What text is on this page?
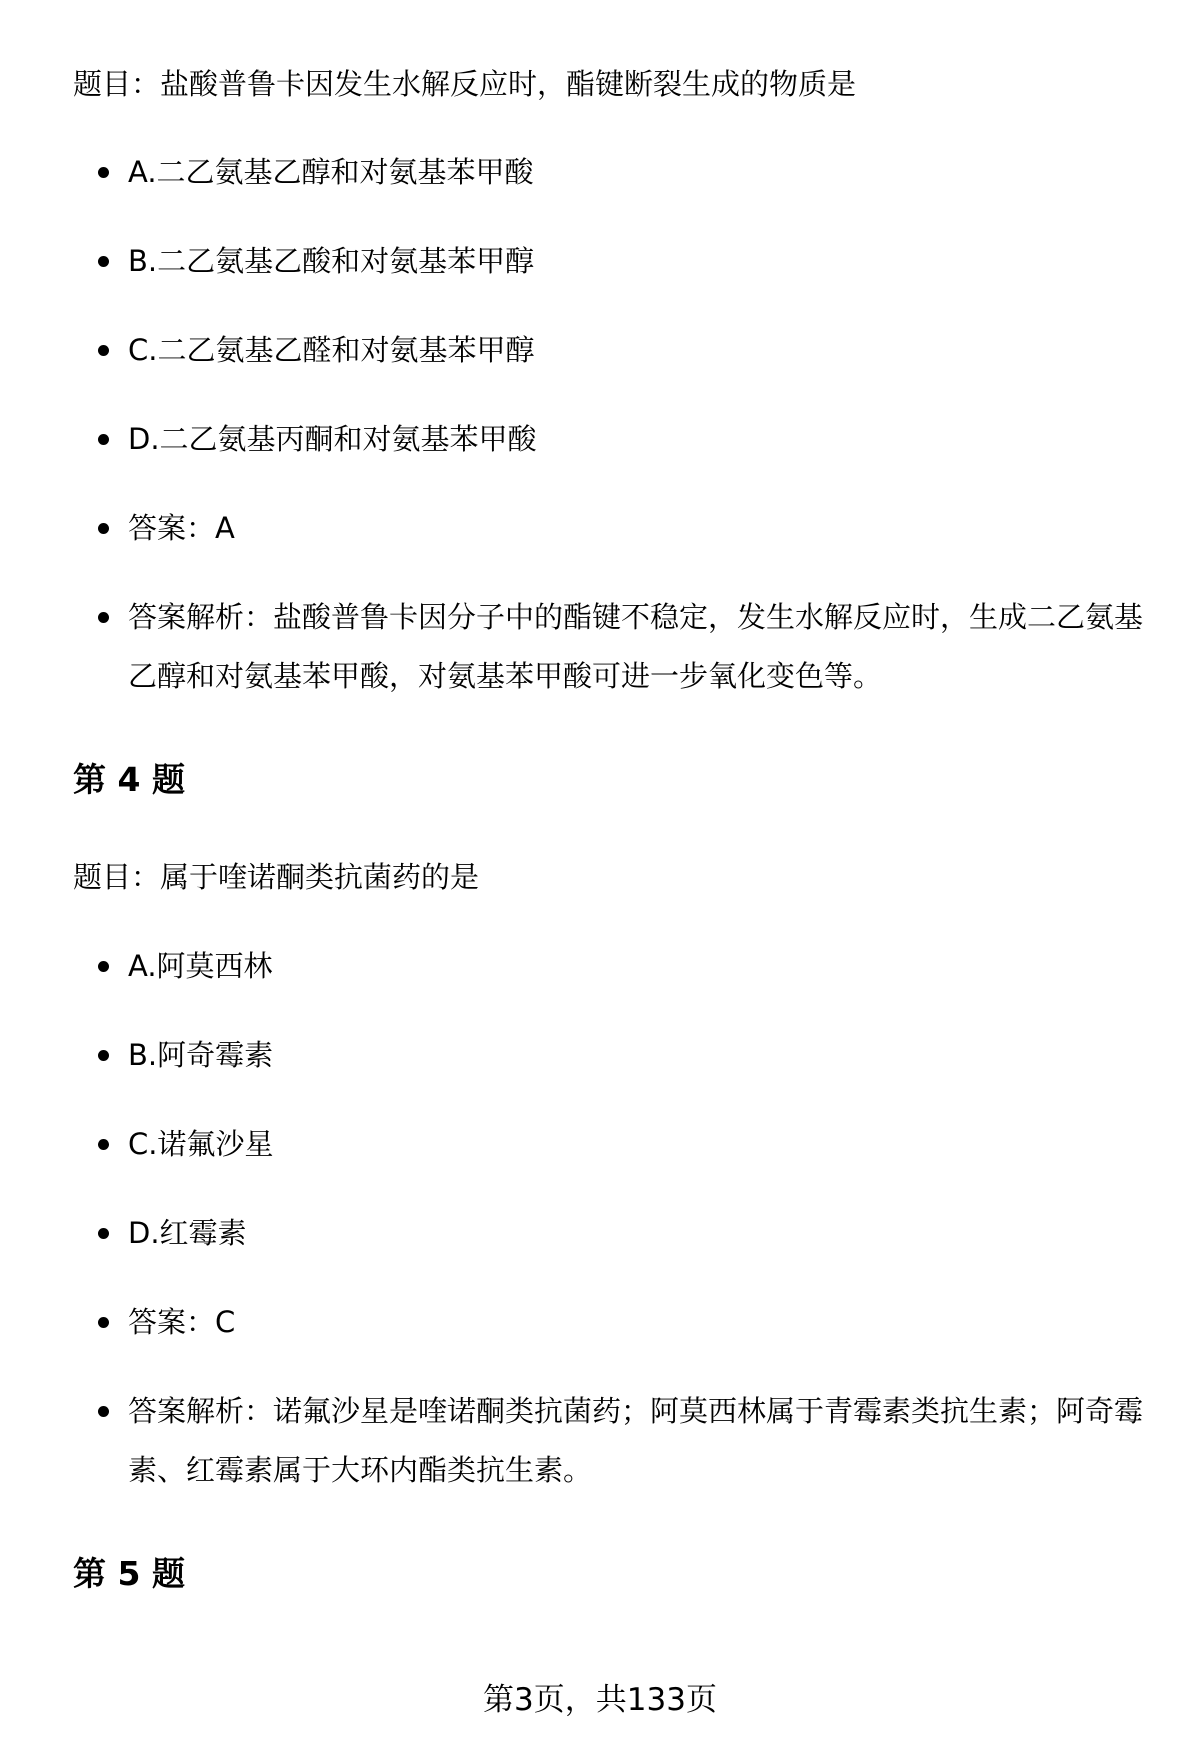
题目：盐酸普鲁卡因发生水解反应时，酯键断裂生成的物质是

A.二乙氨基乙醇和对氨基苯甲酸
B.二乙氨基乙酸和对氨基苯甲醇
C.二乙氨基乙醛和对氨基苯甲醇
D.二乙氨基丙酮和对氨基苯甲酸
答案：A
答案解析：盐酸普鲁卡因分子中的酯键不稳定，发生水解反应时，生成二乙氨基乙醇和对氨基苯甲酸，对氨基苯甲酸可进一步氧化变色等。
第 4 题

题目：属于喹诺酮类抗菌药的是

A.阿莫西林
B.阿奇霉素
C.诺氟沙星
D.红霉素
答案：C
答案解析：诺氟沙星是喹诺酮类抗菌药；阿莫西林属于青霉素类抗生素；阿奇霉素、红霉素属于大环内酯类抗生素。
第 5 题
第3页，共133页
